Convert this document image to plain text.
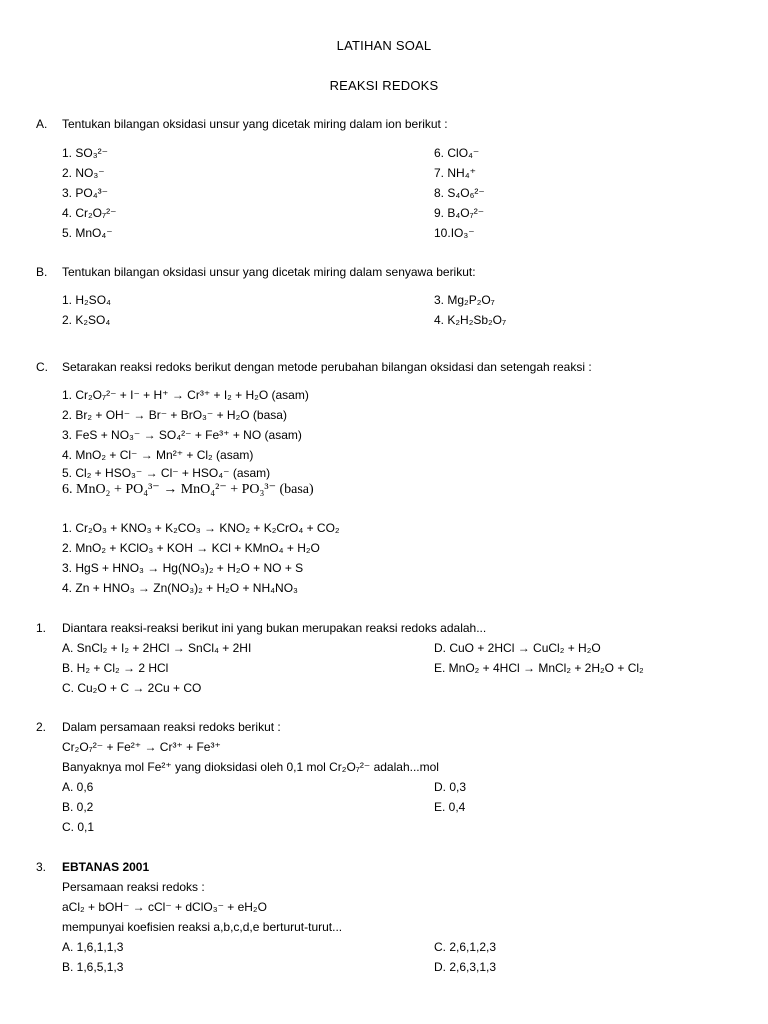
LATIHAN SOAL
REAKSI REDOKS
A. Tentukan bilangan oksidasi unsur yang dicetak miring dalam ion berikut :
1. SO₃²⁻
2. NO₃⁻
3. PO₄³⁻
4. Cr₂O₇²⁻
5. MnO₄⁻
6. ClO₄⁻
7. NH₄⁺
8. S₄O₆²⁻
9. B₄O₇²⁻
10.IO₃⁻
B. Tentukan bilangan oksidasi unsur yang dicetak miring dalam senyawa berikut:
1. H₂SO₄
2. K₂SO₄
3. Mg₂P₂O₇
4. K₂H₂Sb₂O₇
C. Setarakan reaksi redoks berikut dengan metode perubahan bilangan oksidasi dan setengah reaksi :
1. Cr₂O₇²⁻ + I⁻ + H⁺ → Cr³⁺ + I₂ + H₂O (asam)
2. Br₂ + OH⁻ → Br⁻ + BrO₃⁻ + H₂O (basa)
3. FeS + NO₃⁻ → SO₄²⁻ + Fe³⁺ + NO (asam)
4. MnO₂ + Cl⁻ → Mn²⁺ + Cl₂ (asam)
5. Cl₂ + HSO₃⁻ → Cl⁻ + HSO₄⁻ (asam)
6. MnO₂ + PO₄³⁻ → MnO₄²⁻ + PO₃³⁻ (basa)
1. Cr₂O₃ + KNO₃ + K₂CO₃ → KNO₂ + K₂CrO₄ + CO₂
2. MnO₂ + KClO₃ + KOH → KCl + KMnO₄ + H₂O
3. HgS + HNO₃ → Hg(NO₃)₂ + H₂O + NO + S
4. Zn + HNO₃ → Zn(NO₃)₂ + H₂O + NH₄NO₃
1. Diantara reaksi-reaksi berikut ini yang bukan merupakan reaksi redoks adalah...
A. SnCl₂ + I₂ + 2HCl → SnCl₄ + 2HI
B. H₂ + Cl₂ → 2 HCl
C. Cu₂O + C → 2Cu + CO
D. CuO + 2HCl → CuCl₂ + H₂O
E. MnO₂ + 4HCl → MnCl₂ + 2H₂O + Cl₂
2. Dalam persamaan reaksi redoks berikut :
Cr₂O₇²⁻ + Fe²⁺ → Cr³⁺ + Fe³⁺
Banyaknya mol Fe²⁺ yang dioksidasi oleh 0,1 mol Cr₂O₇²⁻ adalah...mol
A. 0,6
B. 0,2
C. 0,1
D. 0,3
E. 0,4
3. EBTANAS 2001
Persamaan reaksi redoks :
aCl₂ + bOH⁻ → cCl⁻ + dClO₃⁻ + eH₂O
mempunyai koefisien reaksi a,b,c,d,e berturut-turut...
A. 1,6,1,1,3
B. 1,6,5,1,3
C. 2,6,1,2,3
D. 2,6,3,1,3
